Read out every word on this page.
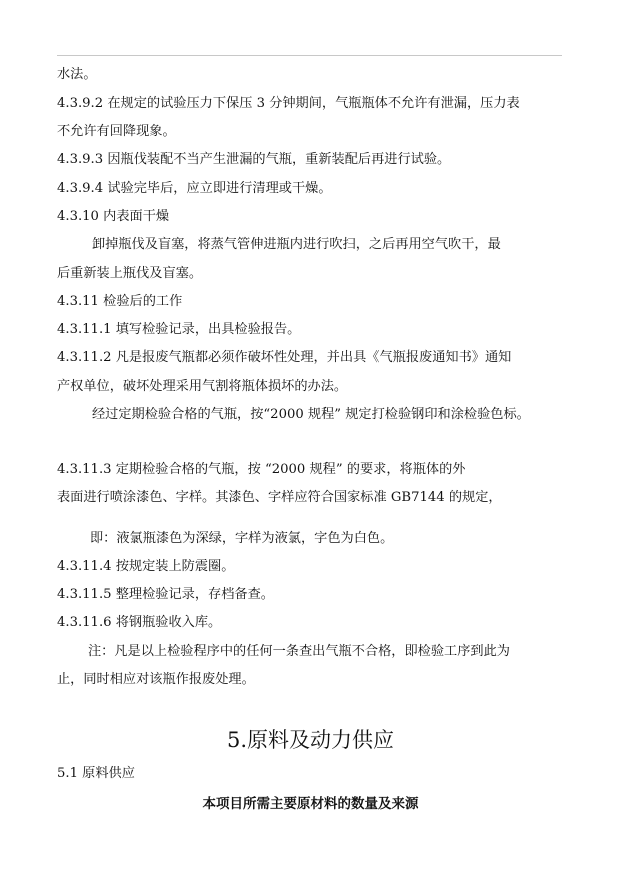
水法。
4.3.9.2 在规定的试验压力下保压 3 分钟期间，气瓶瓶体不允许有泄漏，压力表
不允许有回降现象。
4.3.9.3 因瓶伐装配不当产生泄漏的气瓶，重新装配后再进行试验。
4.3.9.4 试验完毕后，应立即进行清理或干燥。
4.3.10 内表面干燥
卸掉瓶伐及盲塞，将蒸气管伸进瓶内进行吹扫，之后再用空气吹干，最
后重新装上瓶伐及盲塞。
4.3.11 检验后的工作
4.3.11.1 填写检验记录，出具检验报告。
4.3.11.2 凡是报废气瓶都必须作破坏性处理，并出具《气瓶报废通知书》通知
产权单位，破坏处理采用气割将瓶体损坏的办法。
经过定期检验合格的气瓶，按“2000 规程” 规定打检验钢印和涂检验色标。
4.3.11.3 定期检验合格的气瓶，按 “2000 规程” 的要求，将瓶体的外
表面进行喷涂漆色、字样。其漆色、字样应符合国家标准 GB7144 的规定，
即：液氯瓶漆色为深绿，字样为液氯，字色为白色。
4.3.11.4 按规定装上防震圈。
4.3.11.5 整理检验记录，存档备查。
4.3.11.6 将钢瓶验收入库。
注：凡是以上检验程序中的任何一条查出气瓶不合格，即检验工序到此为
止，同时相应对该瓶作报废处理。
5.原料及动力供应
5.1 原料供应
本项目所需主要原材料的数量及来源
